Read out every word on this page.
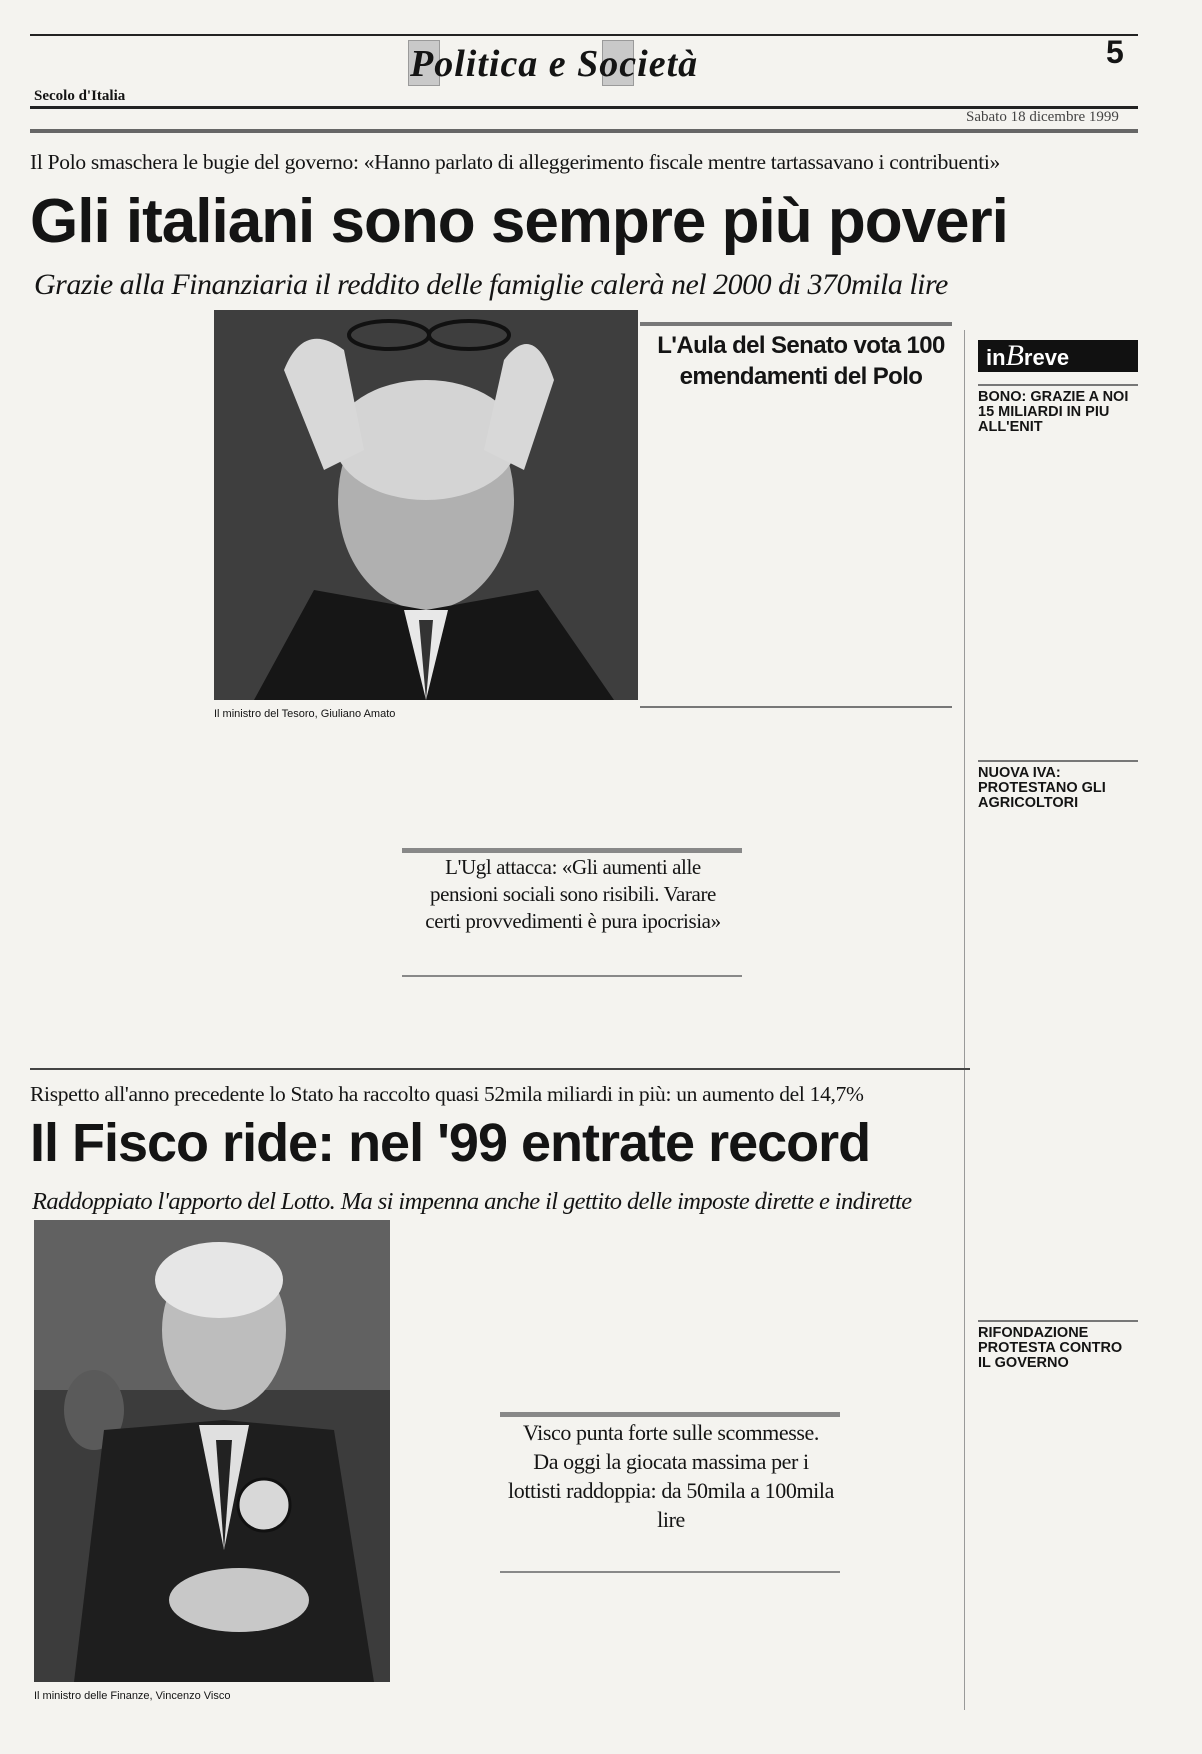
Politica e Società	5
Secolo d'Italia
Sabato 18 dicembre 1999
Il Polo smaschera le bugie del governo: «Hanno parlato di alleggerimento fiscale mentre tartassavano i contribuenti»
Gli italiani sono sempre più poveri
Grazie alla Finanziaria il reddito delle famiglie calerà nel 2000 di 370mila lire
Il ministro del Tesoro, Giuliano Amato
L'Aula del Senato vota 100 emendamenti del Polo
L'Ugl attacca: «Gli aumenti alle pensioni sociali sono risibili. Varare certi provvedimenti è pura ipocrisia»
Rispetto all'anno precedente lo Stato ha raccolto quasi 52mila miliardi in più: un aumento del 14,7%
Il Fisco ride: nel '99 entrate record
Raddoppiato l'apporto del Lotto. Ma si impenna anche il gettito delle imposte dirette e indirette
Il ministro delle Finanze, Vincenzo Visco
Visco punta forte sulle scommesse. Da oggi la giocata massima per i lottisti raddoppia: da 50mila a 100mila lire
inBreve
BONO: GRAZIE A NOI 15 MILIARDI IN PIU ALL'ENIT
NUOVA IVA: PROTESTANO GLI AGRICOLTORI
RIFONDAZIONE PROTESTA CONTRO IL GOVERNO
